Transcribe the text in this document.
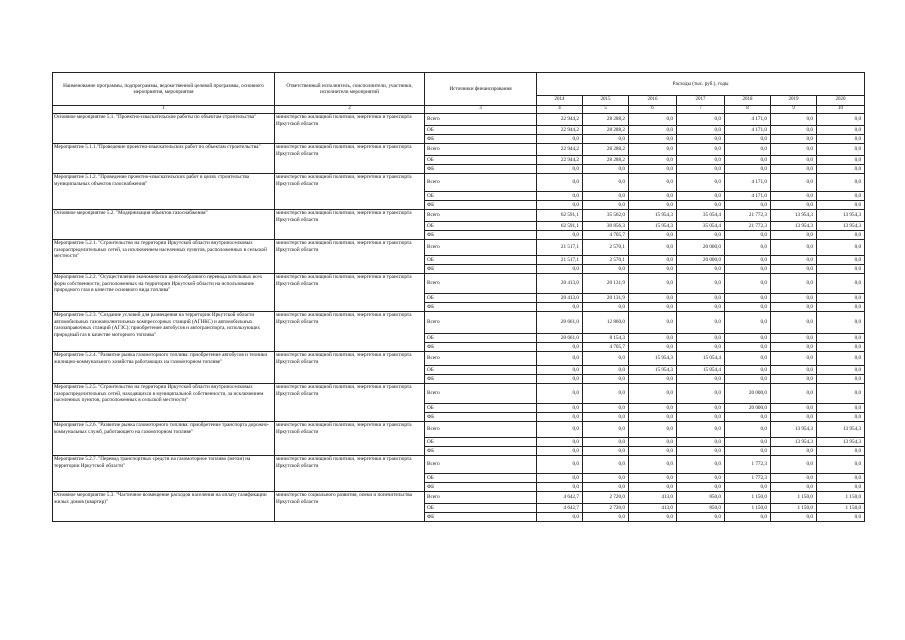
Наименование программы, подпрограммы, ведомственной целевой программы, основного мероприятия, мероприятия	Ответственный исполнитель, соисполнители, участники, исполнители мероприятий	Источники финансирования	Расходы (тыс. руб.), годы						
			2014	2015	2016	2017	2018	2019	2020
1	2	3	4	5	6	7	8	9	10
Основное мероприятие 5.1. "Проектно-изыскательские работы по объектам строительства"	министерство жилищной политики, энергетики и транспорта Иркутской области	Всего	22 944,2	28 288,2	0,0	0,0	4 171,0	0,0	0,0
		ОБ	22 944,2	28 288,2	0,0	0,0	4 171,0	0,0	0,0
		ФБ	0,0	0,0	0,0	0,0	0,0	0,0	0,0
Мероприятие 5.1.1."Проведение проектно-изыскательских работ по объектам строительства"	министерство жилищной политики, энергетики и транспорта Иркутской области	Всего	22 944,2	28 288,2	0,0	0,0	0,0	0,0	0,0
		ОБ	22 944,2	28 288,2	0,0	0,0	0,0	0,0	0,0
		ФБ	0,0	0,0	0,0	0,0	0,0	0,0	0,0
Мероприятие 5.1.2. "Проведение проектно-изыскательских работ в целях строительства муниципальных объектов газоснабжения"	министерство жилищной политики, энергетики и транспорта Иркутской области	Всего	0,0	0,0	0,0	0,0	4 171,0	0,0	0,0
		ОБ	0,0	0,0	0,0	0,0	4 171,0	0,0	0,0
		ФБ	0,0	0,0	0,0	0,0	0,0	0,0	0,0
Основное мероприятие 5.2. "Модернизация объектов газоснабжения"	министерство жилищной политики, энергетики и транспорта Иркутской области	Всего	62 591,1	35 562,0	15 954,3	35 054,4	21 772,3	13 954,3	13 954,3
		ОБ	62 591,1	30 856,3	15 954,3	35 054,4	21 772,3	13 954,3	13 954,3
		ФБ	0,0	4 705,7	0,0	0,0	0,0	0,0	0,0
Мероприятие 5.2.1. "Строительство на территории Иркутской области внутрипоселковых газораспределительных сетей, за исключением населенных пунктов, расположенных в сельской местности"	министерство жилищной политики, энергетики и транспорта Иркутской области	Всего	21 517,1	2 570,1	0,0	20 000,0	0,0	0,0	0,0
		ОБ	21 517,1	2 570,1	0,0	20 000,0	0,0	0,0	0,0
		ФБ	0,0	0,0	0,0	0,0	0,0	0,0	0,0
Мероприятие 5.2.2. "Осуществление экономически целесообразного перевода котельных всех форм собственности, расположенных на территории Иркутской области на использование природного газа в качестве основного вида топлива"	министерство жилищной политики, энергетики и транспорта Иркутской области	Всего	20 413,0	20 131,9	0,0	0,0	0,0	0,0	0,0
		ОБ	20 413,0	20 131,9	0,0	0,0	0,0	0,0	0,0
		ФБ	0,0	0,0	0,0	0,0	0,0	0,0	0,0
Мероприятие 5.2.3. "Создание условий для размещения на территории Иркутской области автомобильных газонаполнительных компрессорных станций (АГНКС) и автомобильных газозаправочных станций (АГЗС); приобретение автобусов и автотранспорта, использующих природный газ в качестве моторного топлива"	министерство жилищной политики, энергетики и транспорта Иркутской области	Всего	20 661,0	12 860,0	0,0	0,0	0,0	0,0	0,0
		ОБ	20 661,0	8 154,3	0,0	0,0	0,0	0,0	0,0
		ФБ	0,0	4 705,7	0,0	0,0	0,0	0,0	0,0
Мероприятие 5.2.4. "Развитие рынка газомоторного топлива: приобретение автобусов и техники жилищно-коммунального хозяйства работающих на газомоторном топливе"	министерство жилищной политики, энергетики и транспорта Иркутской области	Всего	0,0	0,0	15 954,3	15 054,4	0,0	0,0	0,0
		ОБ	0,0	0,0	15 954,3	15 054,4	0,0	0,0	0,0
		ФБ	0,0	0,0	0,0	0,0	0,0	0,0	0,0
Мероприятие 5.2.5. "Строительство на территории Иркутской области внутрипоселковых газораспределительных сетей, находящихся в муниципальной собственности, за исключением населенных пунктов, расположенных в сельской местности"	министерство жилищной политики, энергетики и транспорта Иркутской области	Всего	0,0	0,0	0,0	0,0	20 000,0	0,0	0,0
		ОБ	0,0	0,0	0,0	0,0	20 000,0	0,0	0,0
		ФБ	0,0	0,0	0,0	0,0	0,0	0,0	0,0
Мероприятие 5.2.6. "Развитие рынка газомоторного топлива: приобретение транспорта дорожно-коммунальных служб, работающего на газомоторном топливе"	министерство жилищной политики, энергетики и транспорта Иркутской области	Всего	0,0	0,0	0,0	0,0	0,0	13 954,3	13 954,3
		ОБ	0,0	0,0	0,0	0,0	0,0	13 954,3	13 954,3
		ФБ	0,0	0,0	0,0	0,0	0,0	0,0	0,0
Мероприятие 5.2.7. "Перевод транспортных средств на газомоторное топливо (метан) на территории Иркутской области"	министерство жилищной политики, энергетики и транспорта Иркутской области	Всего	0,0	0,0	0,0	0,0	1 772,3	0,0	0,0
		ОБ	0,0	0,0	0,0	0,0	1 772,3	0,0	0,0
		ФБ	0,0	0,0	0,0	0,0	0,0	0,0	0,0
Основное мероприятие 5.3. "Частичное возмещение расходов населения на оплату газификации жилых домов (квартир)"	министерство социального развития, опеки и попечительства Иркутской области	Всего	4 642,7	2 720,0	413,0	850,0	1 150,0	1 150,0	1 150,0
		ОБ	4 642,7	2 720,0	413,0	850,0	1 150,0	1 150,0	1 150,0
		ФБ	0,0	0,0	0,0	0,0	0,0	0,0	0,0
